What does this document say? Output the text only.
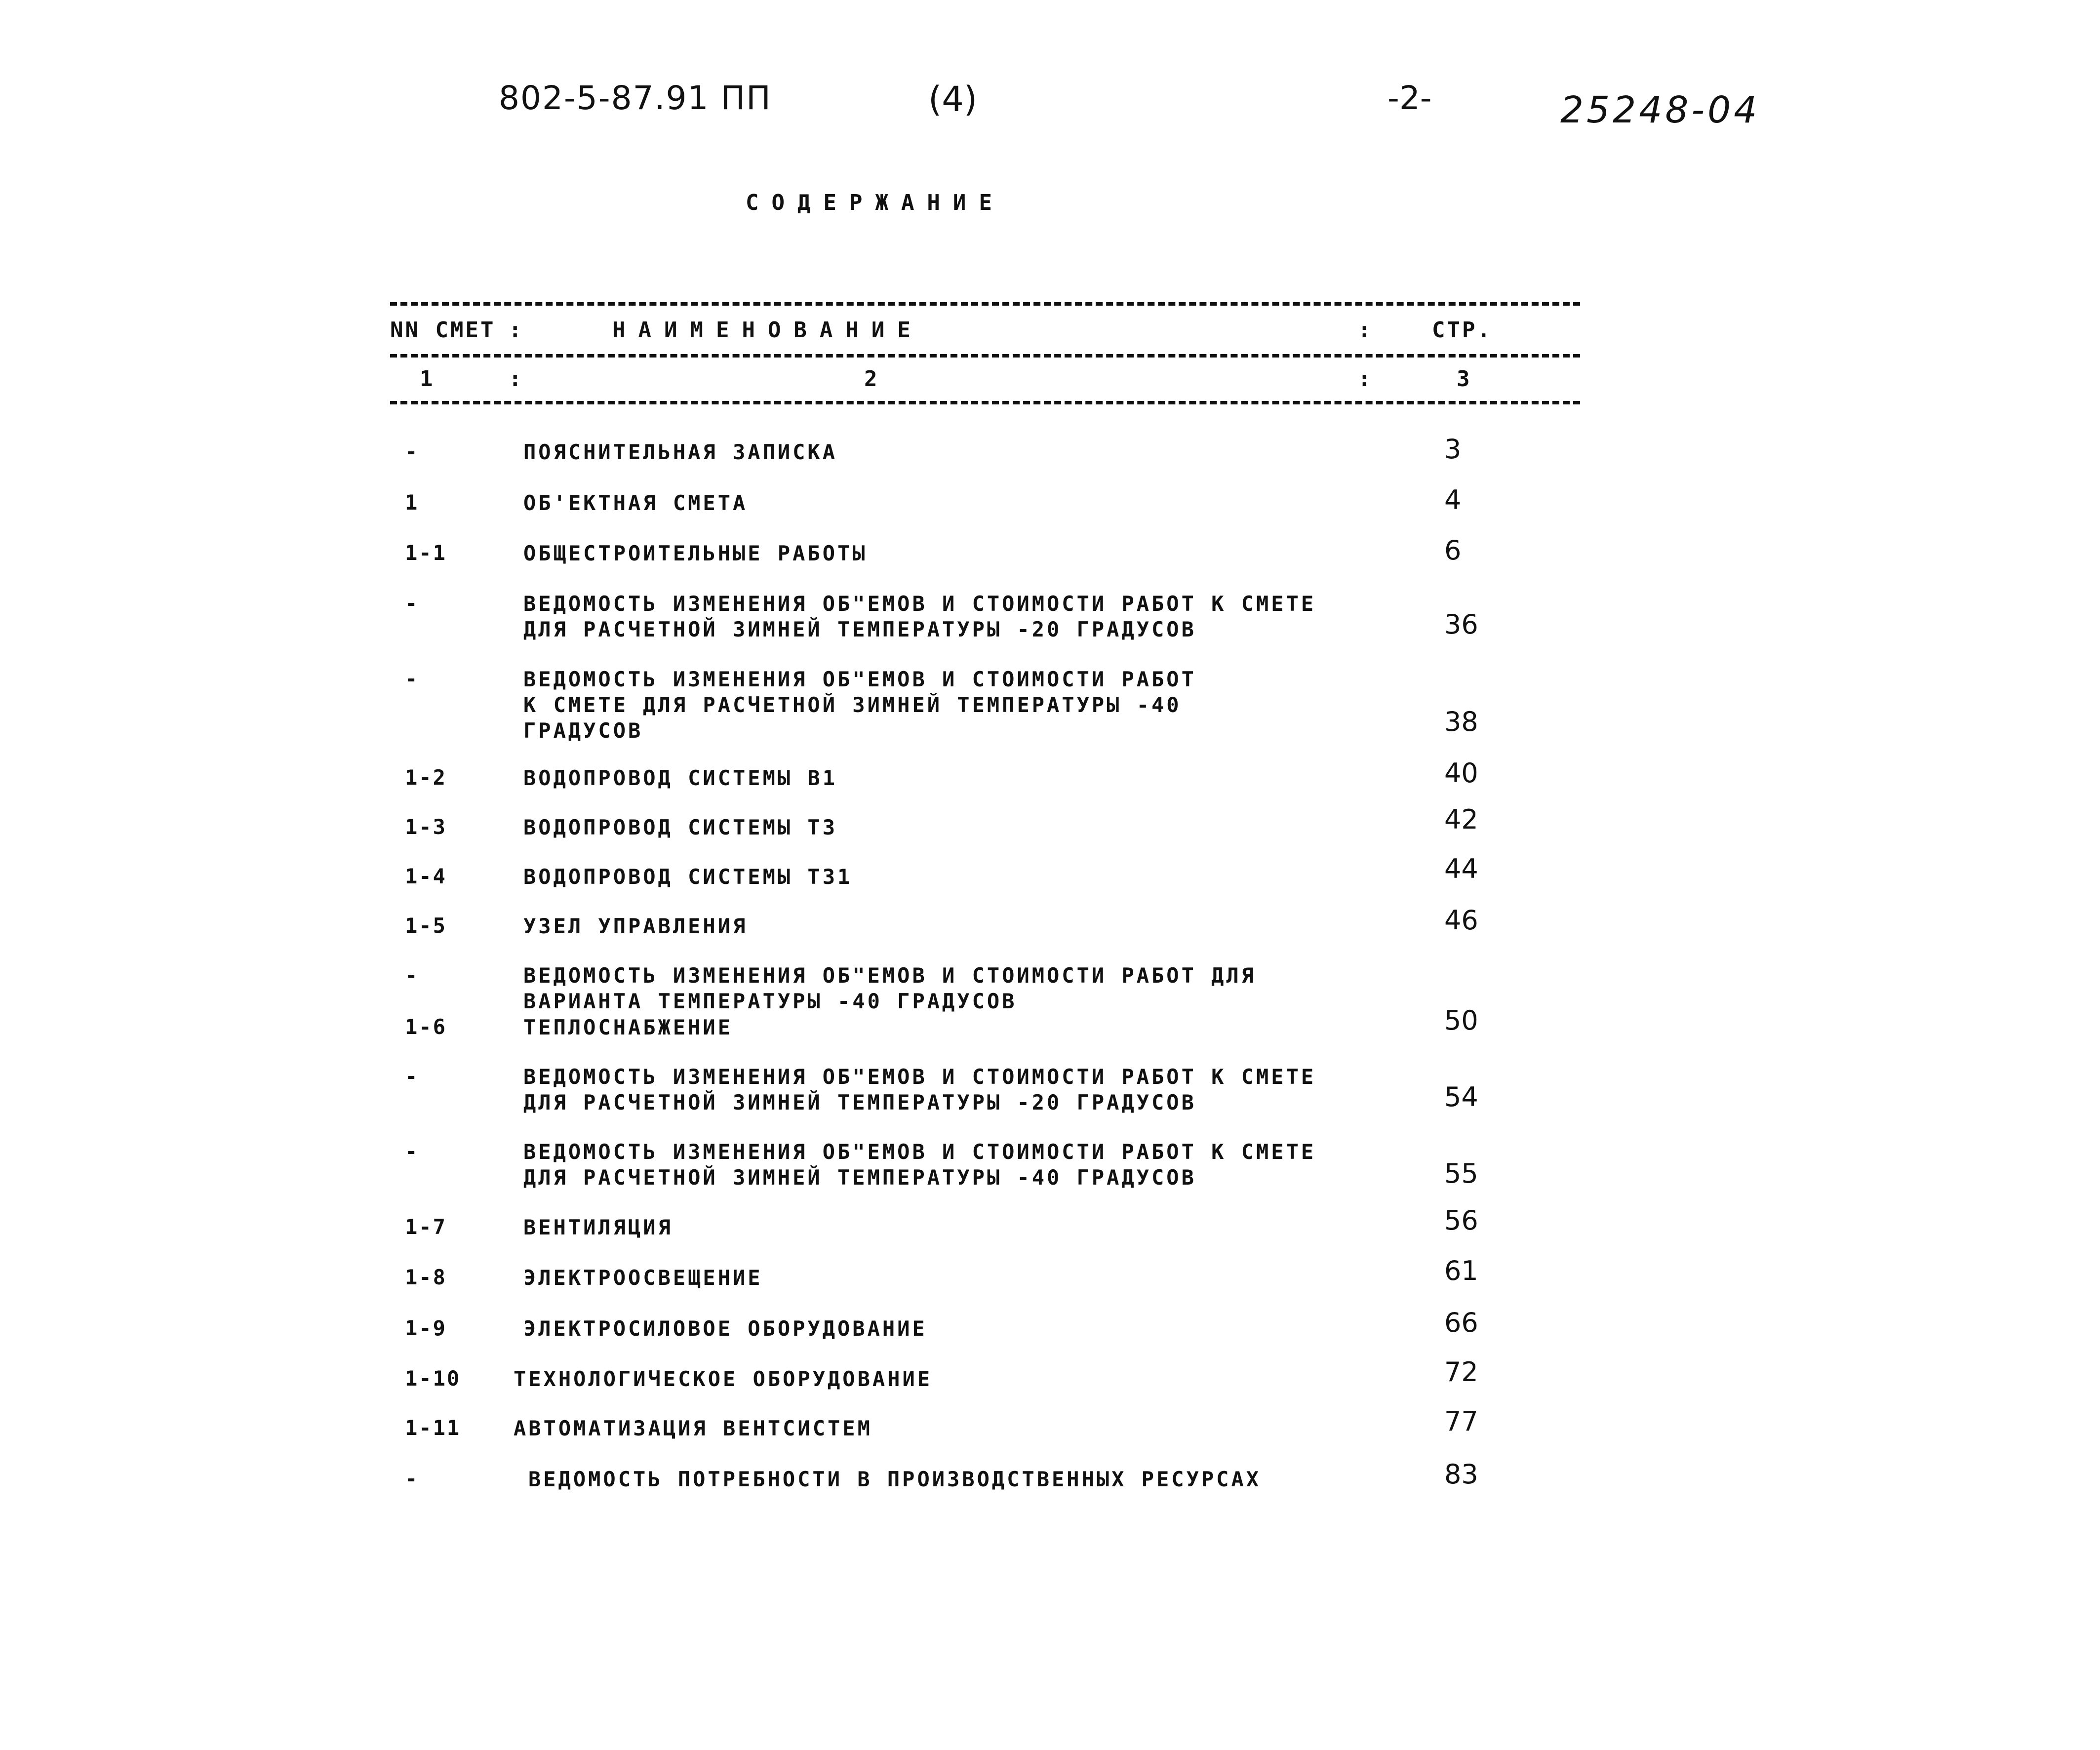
802-5-87.91 ПП	(4)	-2-	25248-04
СОДЕРЖАНИЕ
NN СМЕТ :	НАИМЕНОВАНИЕ	:	СТР.
1	:	2	:	3
-	ПОЯСНИТЕЛЬНАЯ ЗАПИСКА	3
1	ОБ'ЕКТНАЯ СМЕТА	4
1-1	ОБЩЕСТРОИТЕЛЬНЫЕ РАБОТЫ	6
-	ВЕДОМОСТЬ ИЗМЕНЕНИЯ ОБ"ЕМОВ И СТОИМОСТИ РАБОТ К СМЕТЕ
ДЛЯ РАСЧЕТНОЙ ЗИМНЕЙ ТЕМПЕРАТУРЫ -20 ГРАДУСОВ	36
-	ВЕДОМОСТЬ ИЗМЕНЕНИЯ ОБ"ЕМОВ И СТОИМОСТИ РАБОТ
К СМЕТЕ ДЛЯ РАСЧЕТНОЙ ЗИМНЕЙ ТЕМПЕРАТУРЫ -40
ГРАДУСОВ	38
1-2	ВОДОПРОВОД СИСТЕМЫ В1	40
1-3	ВОДОПРОВОД СИСТЕМЫ Т3	42
1-4	ВОДОПРОВОД СИСТЕМЫ Т31	44
1-5	УЗЕЛ УПРАВЛЕНИЯ	46
-	ВЕДОМОСТЬ ИЗМЕНЕНИЯ ОБ"ЕМОВ И СТОИМОСТИ РАБОТ ДЛЯ
ВАРИАНТА ТЕМПЕРАТУРЫ -40 ГРАДУСОВ
1-6	ТЕПЛОСНАБЖЕНИЕ	50
-	ВЕДОМОСТЬ ИЗМЕНЕНИЯ ОБ"ЕМОВ И СТОИМОСТИ РАБОТ К СМЕТЕ
ДЛЯ РАСЧЕТНОЙ ЗИМНЕЙ ТЕМПЕРАТУРЫ -20 ГРАДУСОВ	54
-	ВЕДОМОСТЬ ИЗМЕНЕНИЯ ОБ"ЕМОВ И СТОИМОСТИ РАБОТ К СМЕТЕ
ДЛЯ РАСЧЕТНОЙ ЗИМНЕЙ ТЕМПЕРАТУРЫ -40 ГРАДУСОВ	55
1-7	ВЕНТИЛЯЦИЯ	56
1-8	ЭЛЕКТРООСВЕЩЕНИЕ	61
1-9	ЭЛЕКТРОСИЛОВОЕ ОБОРУДОВАНИЕ	66
1-10	ТЕХНОЛОГИЧЕСКОЕ ОБОРУДОВАНИЕ	72
1-11	АВТОМАТИЗАЦИЯ ВЕНТСИСТЕМ	77
-	ВЕДОМОСТЬ ПОТРЕБНОСТИ В ПРОИЗВОДСТВЕННЫХ РЕСУРСАХ	83
